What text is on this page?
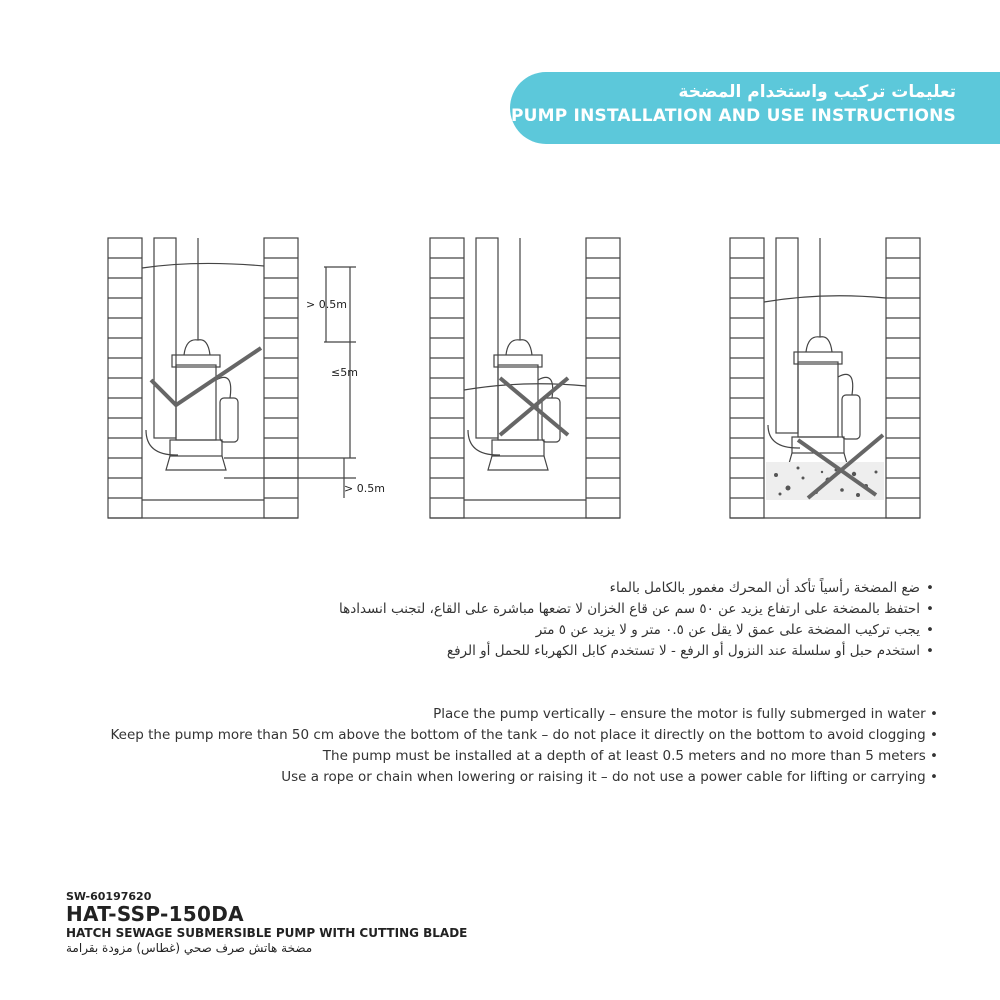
تعليمات تركيب واستخدام المضخة
PUMP INSTALLATION AND USE INSTRUCTIONS
> 0.5m
≤5m
> 0.5m
• ضع المضخة رأسياً تأكد أن المحرك مغمور بالكامل بالماء
• احتفظ بالمضخة على ارتفاع يزيد عن ٥٠ سم عن قاع الخزان لا تضعها مباشرة على القاع، لتجنب انسدادها
• يجب تركيب المضخة على عمق لا يقل عن ٠.٥ متر و لا يزيد عن ٥ متر
• استخدم حبل أو سلسلة عند النزول أو الرفع - لا تستخدم كابل الكهرباء للحمل أو الرفع
Place the pump vertically – ensure the motor is fully submerged in water •
Keep the pump more than 50 cm above the bottom of the tank – do not place it directly on the bottom to avoid clogging •
The pump must be installed at a depth of at least 0.5 meters and no more than 5 meters •
Use a rope or chain when lowering or raising it – do not use a power cable for lifting or carrying •
SW-60197620
HAT-SSP-150DA
HATCH SEWAGE SUBMERSIBLE PUMP WITH CUTTING BLADE
مضخة هاتش صرف صحي (غطاس) مزودة بقرامة
